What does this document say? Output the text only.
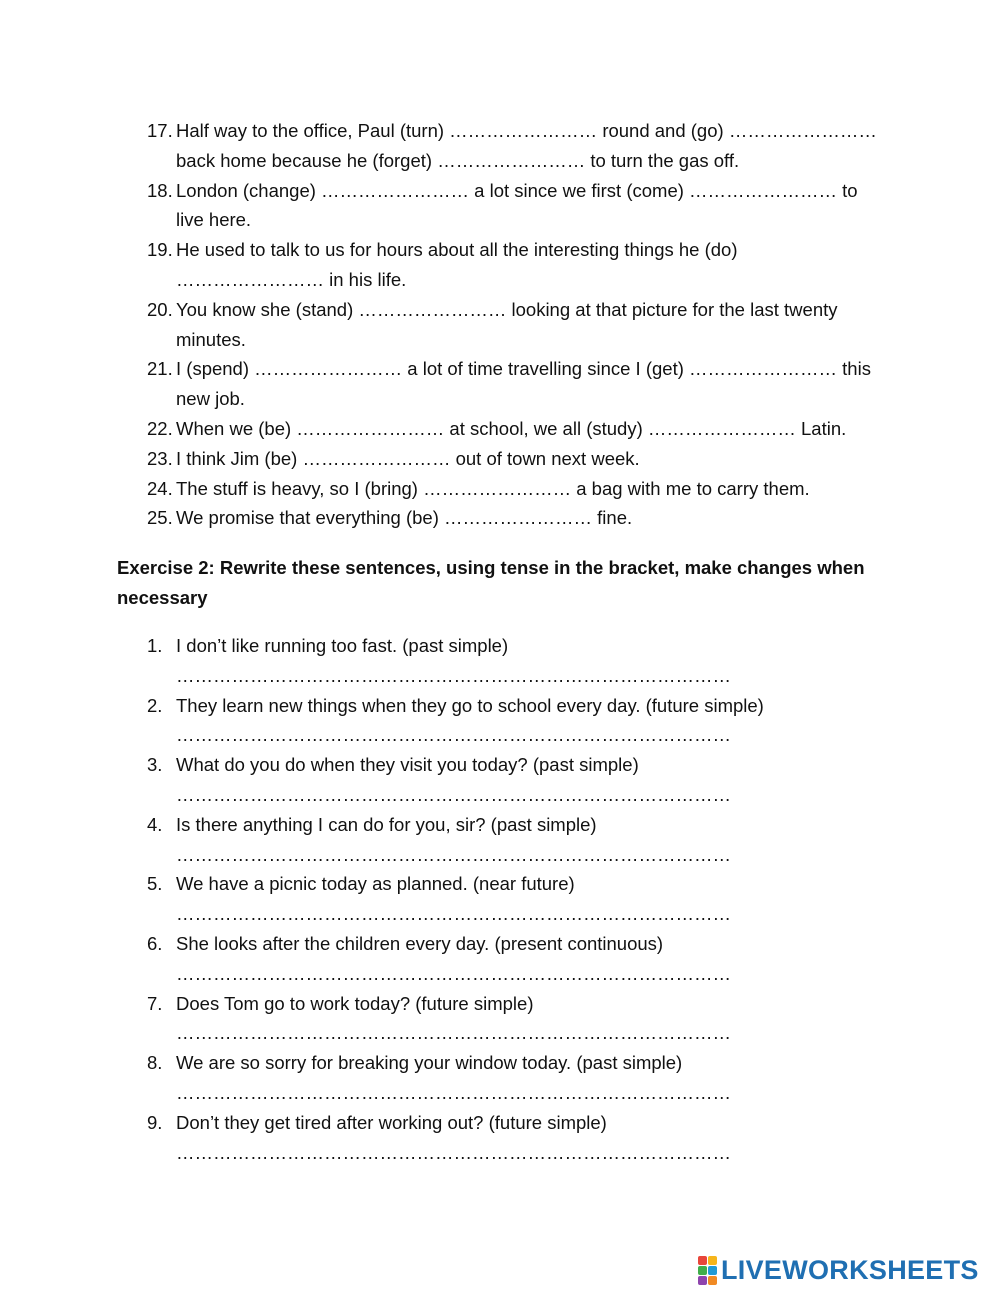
17. Half way to the office, Paul (turn) …………………… round and (go) …………………… back home because he (forget) …………………… to turn the gas off.
18. London (change) …………………… a lot since we first (come) …………………… to live here.
19. He used to talk to us for hours about all the interesting things he (do) …………………… in his life.
20. You know she (stand) …………………… looking at that picture for the last twenty minutes.
21. I (spend) …………………… a lot of time travelling since I (get) …………………… this new job.
22. When we (be) …………………… at school, we all (study) …………………… Latin.
23. I think Jim (be) …………………… out of town next week.
24. The stuff is heavy, so I (bring) …………………… a bag with me to carry them.
25. We promise that everything (be) …………………… fine.
Exercise 2: Rewrite these sentences, using tense in the bracket, make changes when necessary
1. I don’t like running too fast. (past simple)
………………………………………………………………………………
2. They learn new things when they go to school every day. (future simple)
………………………………………………………………………………
3. What do you do when they visit you today? (past simple)
………………………………………………………………………………
4. Is there anything I can do for you, sir? (past simple)
………………………………………………………………………………
5. We have a picnic today as planned. (near future)
………………………………………………………………………………
6. She looks after the children every day. (present continuous)
………………………………………………………………………………
7. Does Tom go to work today? (future simple)
………………………………………………………………………………
8. We are so sorry for breaking your window today. (past simple)
………………………………………………………………………………
9. Don’t they get tired after working out? (future simple)
………………………………………………………………………………
LIVEWORKSHEETS
